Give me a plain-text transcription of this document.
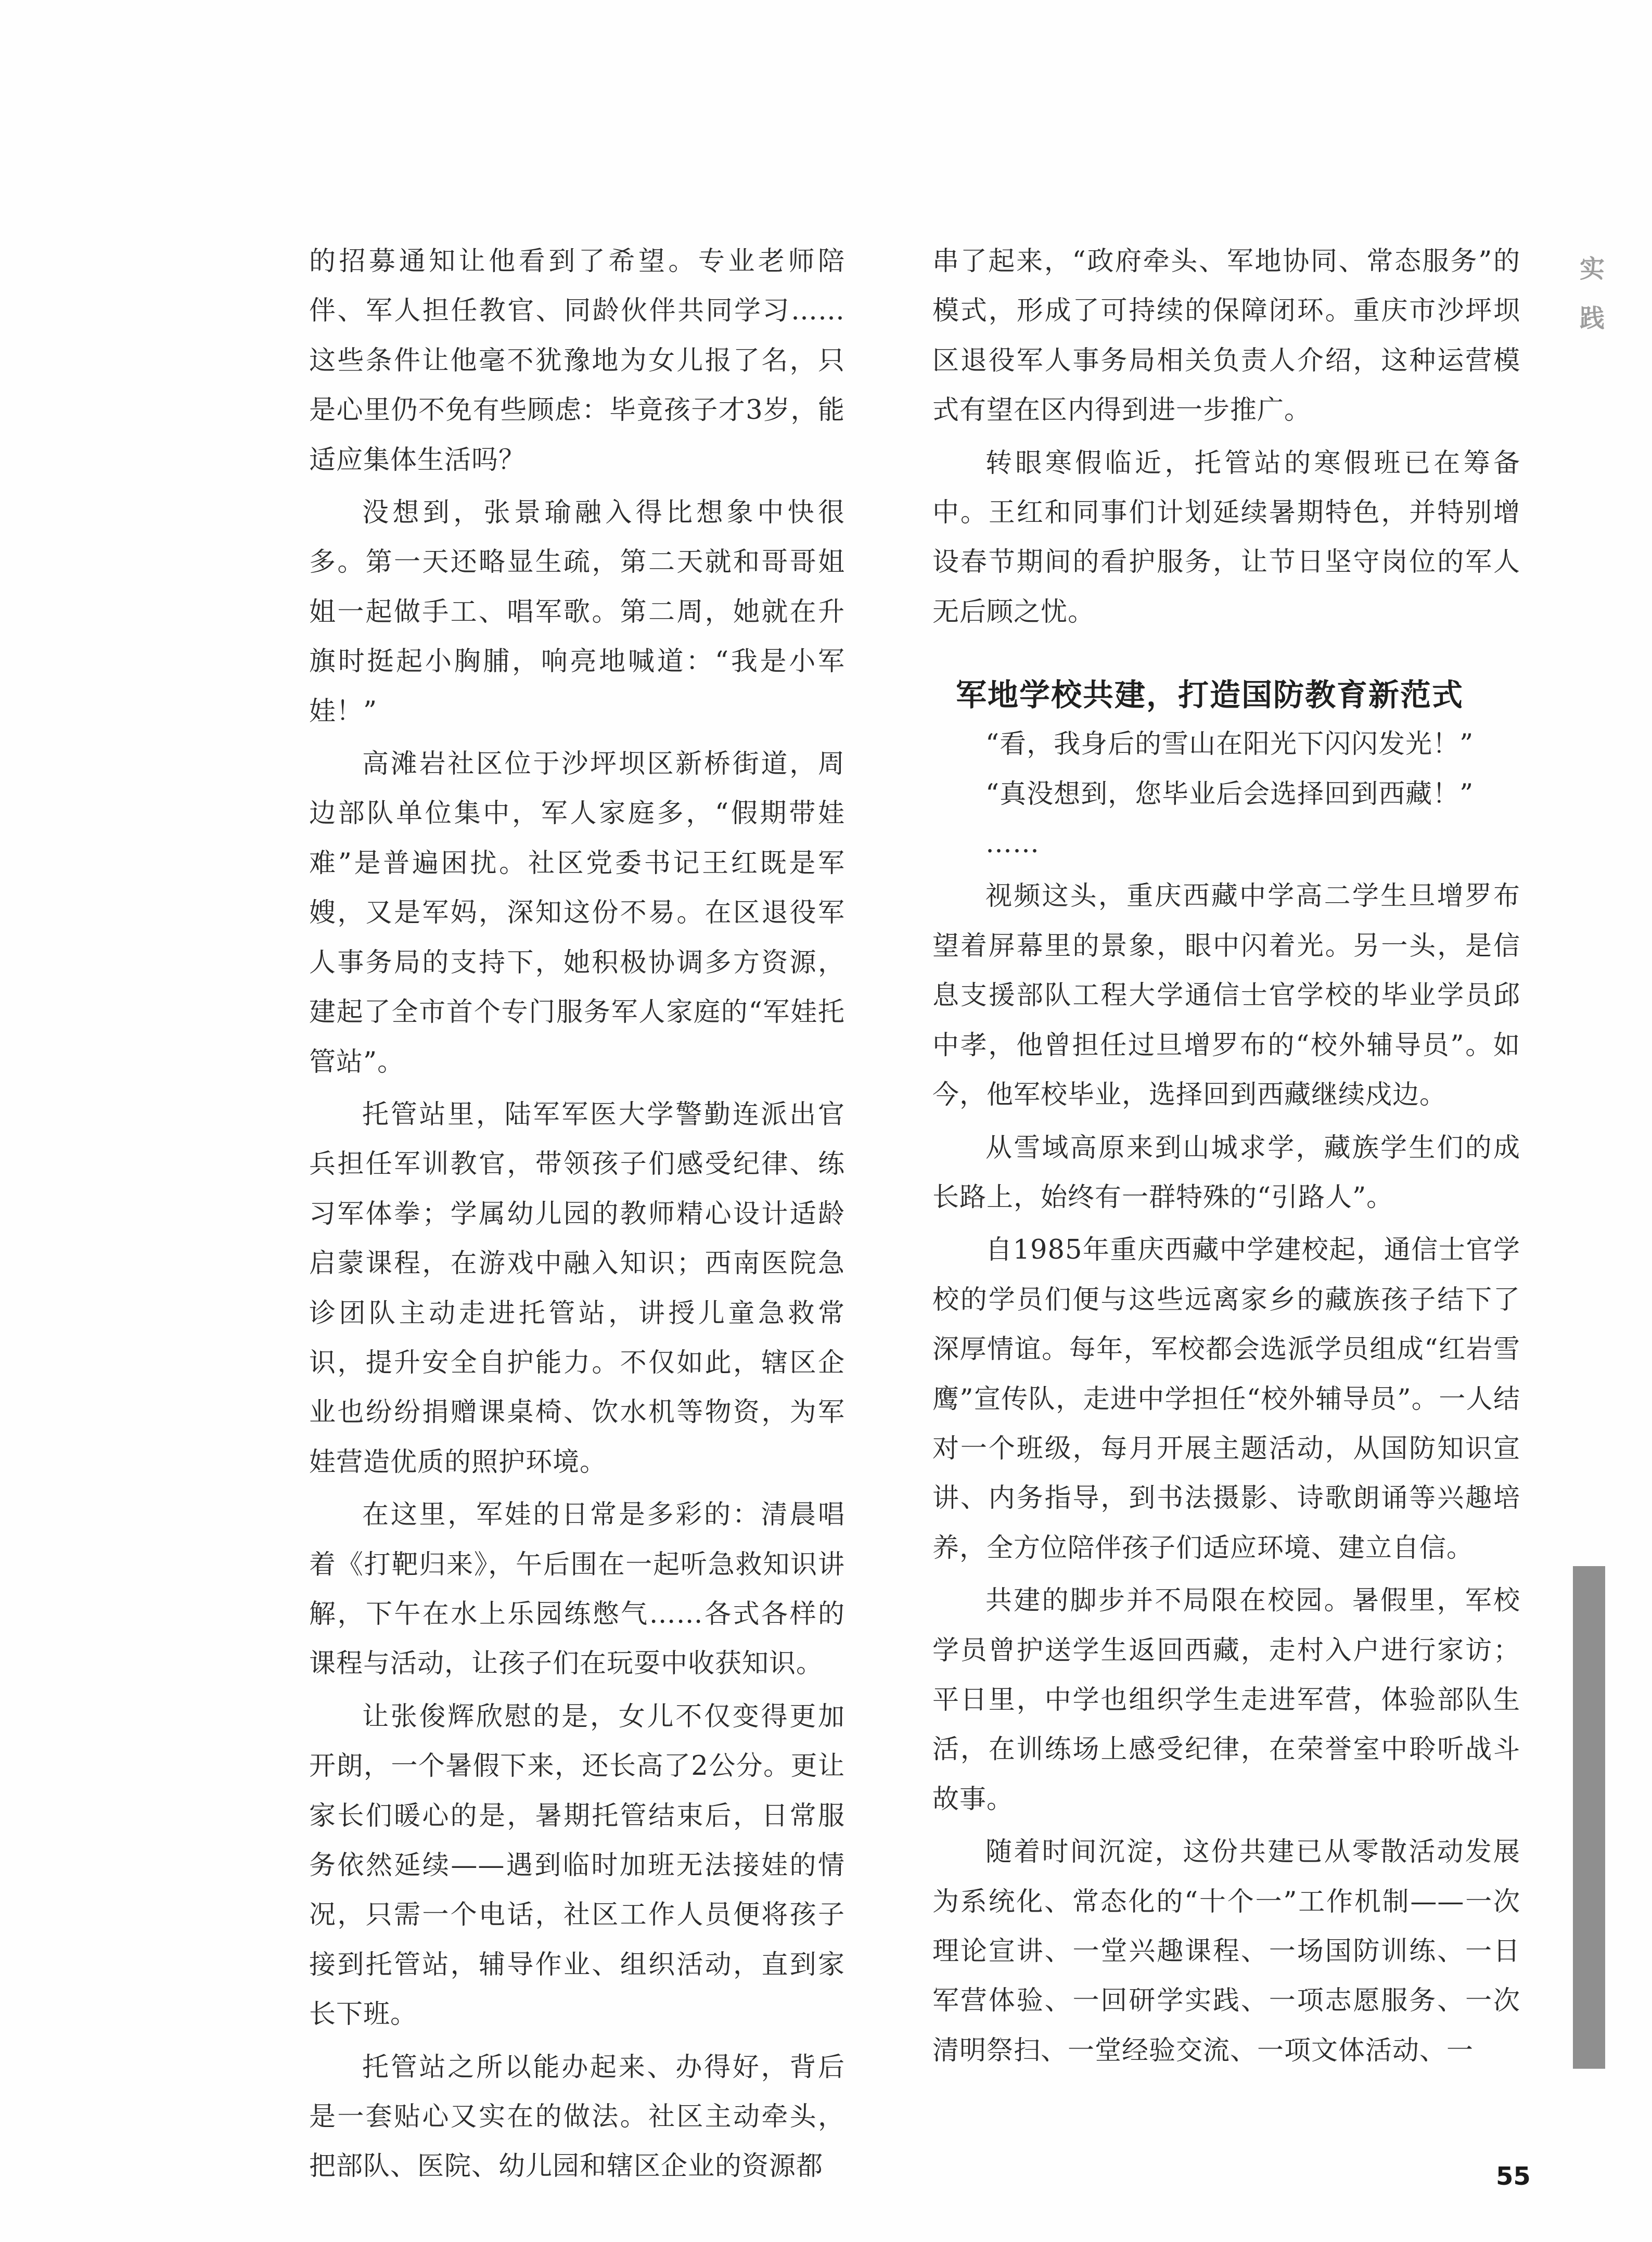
实践

的招募通知让他看到了希望。专业老师陪伴、军人担任教官、同龄伙伴共同学习……这些条件让他毫不犹豫地为女儿报了名，只是心里仍不免有些顾虑：毕竟孩子才3岁，能适应集体生活吗？

没想到，张景瑜融入得比想象中快很多。第一天还略显生疏，第二天就和哥哥姐姐一起做手工、唱军歌。第二周，她就在升旗时挺起小胸脯，响亮地喊道：“我是小军娃！”

高滩岩社区位于沙坪坝区新桥街道，周边部队单位集中，军人家庭多，“假期带娃难”是普遍困扰。社区党委书记王红既是军嫂，又是军妈，深知这份不易。在区退役军人事务局的支持下，她积极协调多方资源，建起了全市首个专门服务军人家庭的“军娃托管站”。

托管站里，陆军军医大学警勤连派出官兵担任军训教官，带领孩子们感受纪律、练习军体拳；学属幼儿园的教师精心设计适龄启蒙课程，在游戏中融入知识；西南医院急诊团队主动走进托管站，讲授儿童急救常识，提升安全自护能力。不仅如此，辖区企业也纷纷捐赠课桌椅、饮水机等物资，为军娃营造优质的照护环境。

在这里，军娃的日常是多彩的：清晨唱着《打靶归来》，午后围在一起听急救知识讲解，下午在水上乐园练憋气……各式各样的课程与活动，让孩子们在玩耍中收获知识。

让张俊辉欣慰的是，女儿不仅变得更加开朗，一个暑假下来，还长高了2公分。更让家长们暖心的是，暑期托管结束后，日常服务依然延续——遇到临时加班无法接娃的情况，只需一个电话，社区工作人员便将孩子接到托管站，辅导作业、组织活动，直到家长下班。

托管站之所以能办起来、办得好，背后是一套贴心又实在的做法。社区主动牵头，把部队、医院、幼儿园和辖区企业的资源都

串了起来，“政府牵头、军地协同、常态服务”的模式，形成了可持续的保障闭环。重庆市沙坪坝区退役军人事务局相关负责人介绍，这种运营模式有望在区内得到进一步推广。

转眼寒假临近，托管站的寒假班已在筹备中。王红和同事们计划延续暑期特色，并特别增设春节期间的看护服务，让节日坚守岗位的军人无后顾之忧。

军地学校共建，打造国防教育新范式

“看，我身后的雪山在阳光下闪闪发光！”

“真没想到，您毕业后会选择回到西藏！”

……

视频这头，重庆西藏中学高二学生旦增罗布望着屏幕里的景象，眼中闪着光。另一头，是信息支援部队工程大学通信士官学校的毕业学员邱中孝，他曾担任过旦增罗布的“校外辅导员”。如今，他军校毕业，选择回到西藏继续戍边。

从雪域高原来到山城求学，藏族学生们的成长路上，始终有一群特殊的“引路人”。

自1985年重庆西藏中学建校起，通信士官学校的学员们便与这些远离家乡的藏族孩子结下了深厚情谊。每年，军校都会选派学员组成“红岩雪鹰”宣传队，走进中学担任“校外辅导员”。一人结对一个班级，每月开展主题活动，从国防知识宣讲、内务指导，到书法摄影、诗歌朗诵等兴趣培养，全方位陪伴孩子们适应环境、建立自信。

共建的脚步并不局限在校园。暑假里，军校学员曾护送学生返回西藏，走村入户进行家访；平日里，中学也组织学生走进军营，体验部队生活，在训练场上感受纪律，在荣誉室中聆听战斗故事。

随着时间沉淀，这份共建已从零散活动发展为系统化、常态化的“十个一”工作机制——一次理论宣讲、一堂兴趣课程、一场国防训练、一日军营体验、一回研学实践、一项志愿服务、一次清明祭扫、一堂经验交流、一项文体活动、一

55
